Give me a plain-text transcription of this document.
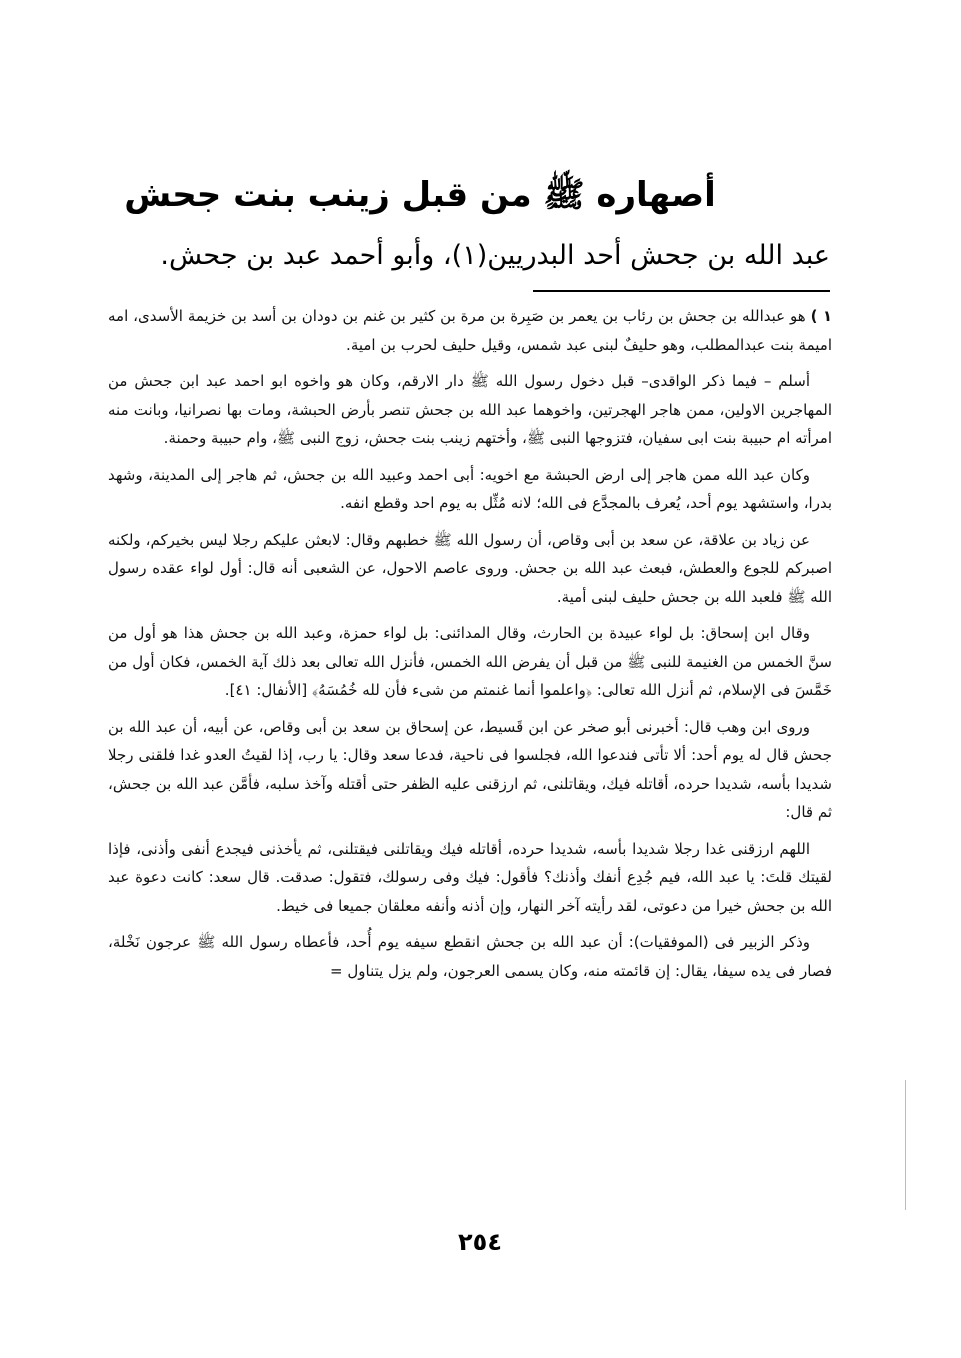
أصهاره ﷺ من قبل زينب بنت جحش
عبد الله بن جحش أحد البدريين(١)، وأبو أحمد عبد بن جحش.

١ ) هو عبدالله بن جحش بن رئاب بن يعمر بن صَبِرة بن مرة بن كثير بن غنم بن دودان بن أسد بن خزيمة الأسدى، امه اميمة بنت عبدالمطلب، وهو حليفٌ لبنى عبد شمس، وقيل حليف لحرب بن امية.

أسلم – فيما ذكر الواقدى– قبل دخول رسول الله ﷺ دار الارقم، وكان هو واخوه ابو احمد عبد ابن جحش من المهاجرين الاولين، ممن هاجر الهجرتين، واخوهما عبد الله بن جحش تنصر بأرض الحبشة، ومات بها نصرانيا، وبانت منه امرأته ام حبيبة بنت ابى سفيان، فتزوجها النبى ﷺ، وأختهم زينب بنت جحش، زوج النبى ﷺ، وام حبيبة وحمنة.

وكان عبد الله ممن هاجر إلى ارض الحبشة مع اخويه: أبى احمد وعبيد الله بن جحش، ثم هاجر إلى المدينة، وشهد بدرا، واستشهد يوم أحد، يُعرف بالمجدَّع فى الله؛ لانه مُثِّل به يوم احد وقطع انفه.

عن زياد بن علاقة، عن سعد بن أبى وقاص، أن رسول الله ﷺ خطبهم وقال: لابعثن عليكم رجلا ليس بخيركم، ولكنه اصبركم للجوع والعطش، فبعث عبد الله بن جحش. وروى عاصم الاحول، عن الشعبى أنه قال: أول لواء عقده رسول الله ﷺ فلعبد الله بن جحش حليف لبنى أمية.

وقال ابن إسحاق: بل لواء عبيدة بن الحارث، وقال المدائنى: بل لواء حمزة، وعبد الله بن جحش هذا هو أول من سنَّ الخمس من الغنيمة للنبى ﷺ من قبل أن يفرض الله الخمس، فأنزل الله تعالى بعد ذلك آية الخمس، فكان أول من خَمَّسَ فى الإسلام، ثم أنزل الله تعالى: ﴿واعلموا أنما غنمتم من شىء فأن لله خُمُسَهُ﴾ [الأنفال: ٤١].

وروى ابن وهب قال: أخبرنى أبو صخر عن ابن قَسيط، عن إسحاق بن سعد بن أبى وقاص، عن أبيه، أن عبد الله بن جحش قال له يوم أحد: ألا تأتى فندعوا الله، فجلسوا فى ناحية، فدعا سعد وقال: يا رب، إذا لقيتُ العدو غدا فلقنى رجلا شديدا بأسه، شديدا حرده، أقاتله فيك، ويقاتلنى، ثم ارزقنى عليه الظفر حتى أقتله وآخذ سلبه، فأمَّن عبد الله بن جحش، ثم قال:

اللهم ارزقنى غدا رجلا شديدا بأسه، شديدا حرده، أقاتله فيك ويقاتلنى فيقتلنى، ثم يأخذنى فيجدع أنفى وأذنى، فإذا لقيتك قلتَ: يا عبد الله، فيم جُدِع أنفك وأذنك؟ فأقول: فيك وفى رسولك، فتقول: صدقت. قال سعد: كانت دعوة عبد الله بن جحش خيرا من دعوتى، لقد رأيته آخر النهار، وإن أذنه وأنفه معلقان جميعا فى خيط.

وذكر الزبير فى (الموفقيات): أن عبد الله بن جحش انقطع سيفه يوم أُحد، فأعطاه رسول الله ﷺ عرجون نَخْلة، فصار فى يده سيفا، يقال: إن قائمته منه، وكان يسمى العرجون، ولم يزل يتناول =

٢٥٤
